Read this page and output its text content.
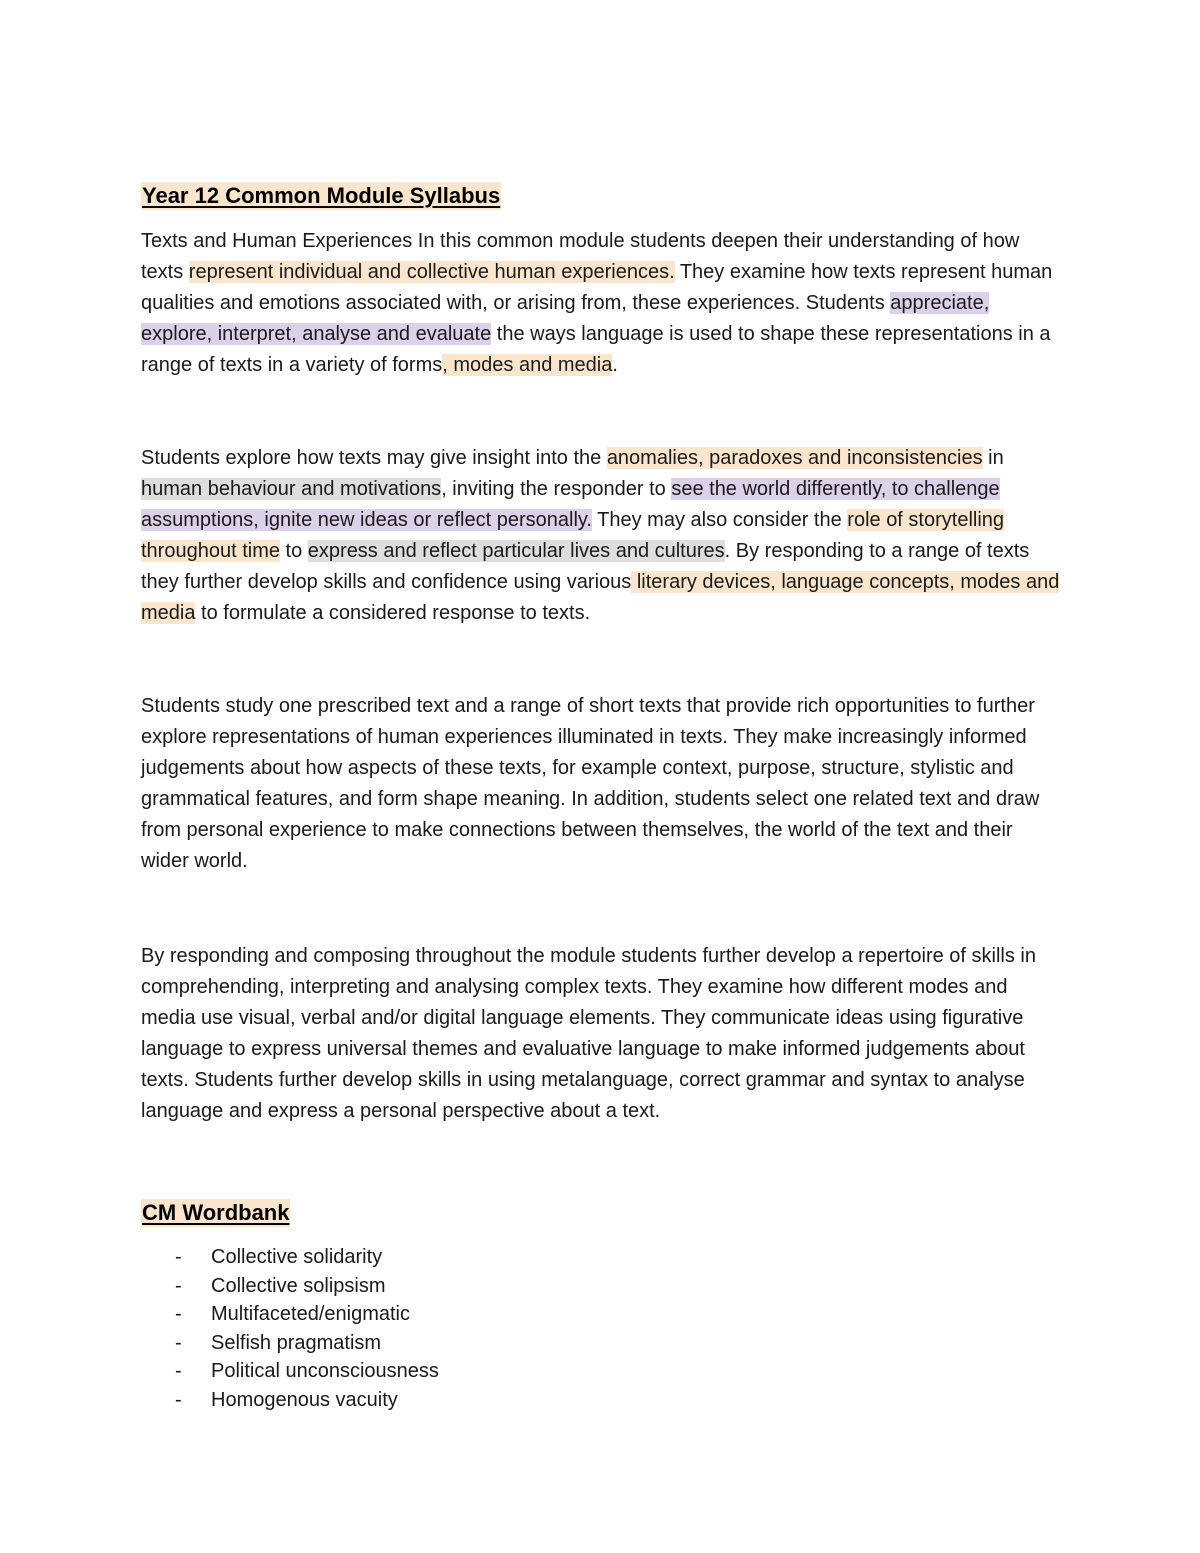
Year 12 Common Module Syllabus

Texts and Human Experiences In this common module students deepen their understanding of how texts represent individual and collective human experiences. They examine how texts represent human qualities and emotions associated with, or arising from, these experiences. Students appreciate, explore, interpret, analyse and evaluate the ways language is used to shape these representations in a range of texts in a variety of forms, modes and media.

Students explore how texts may give insight into the anomalies, paradoxes and inconsistencies in human behaviour and motivations, inviting the responder to see the world differently, to challenge assumptions, ignite new ideas or reflect personally. They may also consider the role of storytelling throughout time to express and reflect particular lives and cultures. By responding to a range of texts they further develop skills and confidence using various literary devices, language concepts, modes and media to formulate a considered response to texts.

Students study one prescribed text and a range of short texts that provide rich opportunities to further explore representations of human experiences illuminated in texts. They make increasingly informed judgements about how aspects of these texts, for example context, purpose, structure, stylistic and grammatical features, and form shape meaning. In addition, students select one related text and draw from personal experience to make connections between themselves, the world of the text and their wider world.

By responding and composing throughout the module students further develop a repertoire of skills in comprehending, interpreting and analysing complex texts. They examine how different modes and media use visual, verbal and/or digital language elements. They communicate ideas using figurative language to express universal themes and evaluative language to make informed judgements about texts. Students further develop skills in using metalanguage, correct grammar and syntax to analyse language and express a personal perspective about a text.

CM Wordbank
- Collective solidarity
- Collective solipsism
- Multifaceted/enigmatic
- Selfish pragmatism
- Political unconsciousness
- Homogenous vacuity
